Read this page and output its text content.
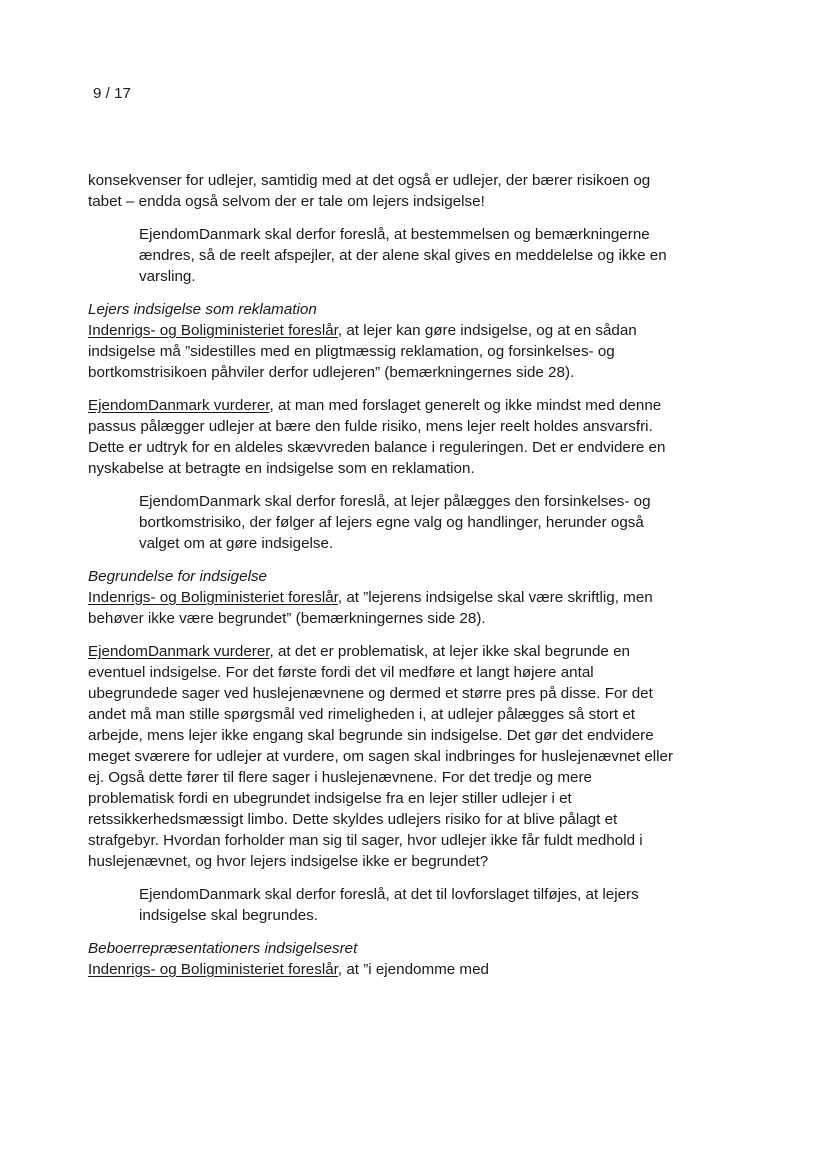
9 / 17

konsekvenser for udlejer, samtidig med at det også er udlejer, der bærer risikoen og tabet – endda også selvom der er tale om lejers indsigelse!

EjendomDanmark skal derfor foreslå, at bestemmelsen og bemærkningerne ændres, så de reelt afspejler, at der alene skal gives en meddelelse og ikke en varsling.

Lejers indsigelse som reklamation

Indenrigs- og Boligministeriet foreslår, at lejer kan gøre indsigelse, og at en sådan indsigelse må ”sidestilles med en pligtmæssig reklamation, og forsinkelses- og bortkomstrisikoen påhviler derfor udlejeren” (bemærkningernes side 28).

EjendomDanmark vurderer, at man med forslaget generelt og ikke mindst med denne passus pålægger udlejer at bære den fulde risiko, mens lejer reelt holdes ansvarsfri. Dette er udtryk for en aldeles skævvreden balance i reguleringen. Det er endvidere en nyskabelse at betragte en indsigelse som en reklamation.

EjendomDanmark skal derfor foreslå, at lejer pålægges den forsinkelses- og bortkomstrisiko, der følger af lejers egne valg og handlinger, herunder også valget om at gøre indsigelse.

Begrundelse for indsigelse

Indenrigs- og Boligministeriet foreslår, at ”lejerens indsigelse skal være skriftlig, men behøver ikke være begrundet” (bemærkningernes side 28).

EjendomDanmark vurderer, at det er problematisk, at lejer ikke skal begrunde en eventuel indsigelse. For det første fordi det vil medføre et langt højere antal ubegrundede sager ved huslejenævnene og dermed et større pres på disse. For det andet må man stille spørgsmål ved rimeligheden i, at udlejer pålægges så stort et arbejde, mens lejer ikke engang skal begrunde sin indsigelse. Det gør det endvidere meget sværere for udlejer at vurdere, om sagen skal indbringes for huslejenævnet eller ej. Også dette fører til flere sager i huslejenævnene. For det tredje og mere problematisk fordi en ubegrundet indsigelse fra en lejer stiller udlejer i et retssikkerhedsmæssigt limbo. Dette skyldes udlejers risiko for at blive pålagt et strafgebyr. Hvordan forholder man sig til sager, hvor udlejer ikke får fuldt medhold i huslejenævnet, og hvor lejers indsigelse ikke er begrundet?

EjendomDanmark skal derfor foreslå, at det til lovforslaget tilføjes, at lejers indsigelse skal begrundes.

Beboerrepræsentationers indsigelsesret

Indenrigs- og Boligministeriet foreslår, at ”i ejendomme med
